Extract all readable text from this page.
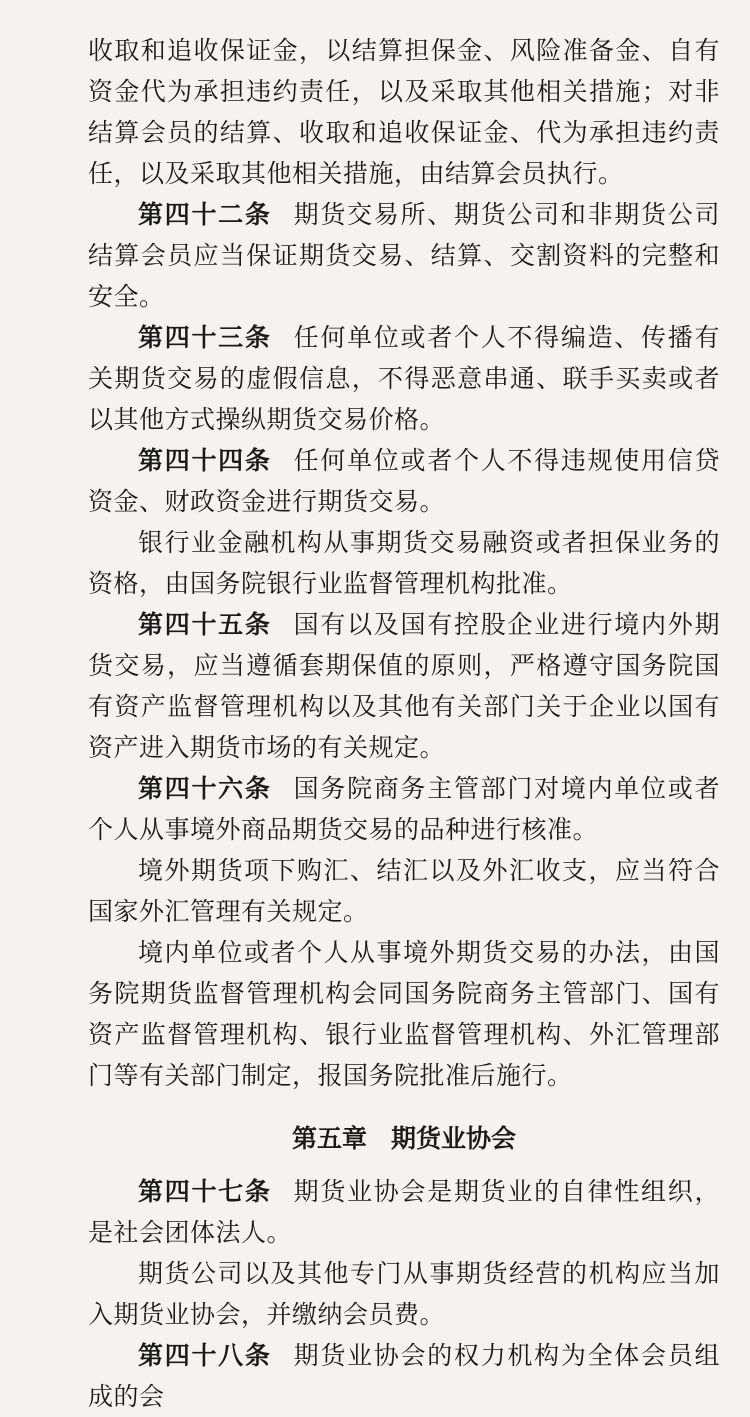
收取和追收保证金，以结算担保金、风险准备金、自有资金代为承担违约责任，以及采取其他相关措施；对非结算会员的结算、收取和追收保证金、代为承担违约责任，以及采取其他相关措施，由结算会员执行。

第四十二条 期货交易所、期货公司和非期货公司结算会员应当保证期货交易、结算、交割资料的完整和安全。

第四十三条 任何单位或者个人不得编造、传播有关期货交易的虚假信息，不得恶意串通、联手买卖或者以其他方式操纵期货交易价格。

第四十四条 任何单位或者个人不得违规使用信贷资金、财政资金进行期货交易。

银行业金融机构从事期货交易融资或者担保业务的资格，由国务院银行业监督管理机构批准。

第四十五条 国有以及国有控股企业进行境内外期货交易，应当遵循套期保值的原则，严格遵守国务院国有资产监督管理机构以及其他有关部门关于企业以国有资产进入期货市场的有关规定。

第四十六条 国务院商务主管部门对境内单位或者个人从事境外商品期货交易的品种进行核准。

境外期货项下购汇、结汇以及外汇收支，应当符合国家外汇管理有关规定。

境内单位或者个人从事境外期货交易的办法，由国务院期货监督管理机构会同国务院商务主管部门、国有资产监督管理机构、银行业监督管理机构、外汇管理部门等有关部门制定，报国务院批准后施行。

第五章 期货业协会

第四十七条 期货业协会是期货业的自律性组织，是社会团体法人。

期货公司以及其他专门从事期货经营的机构应当加入期货业协会，并缴纳会员费。

第四十八条 期货业协会的权力机构为全体会员组成的会
